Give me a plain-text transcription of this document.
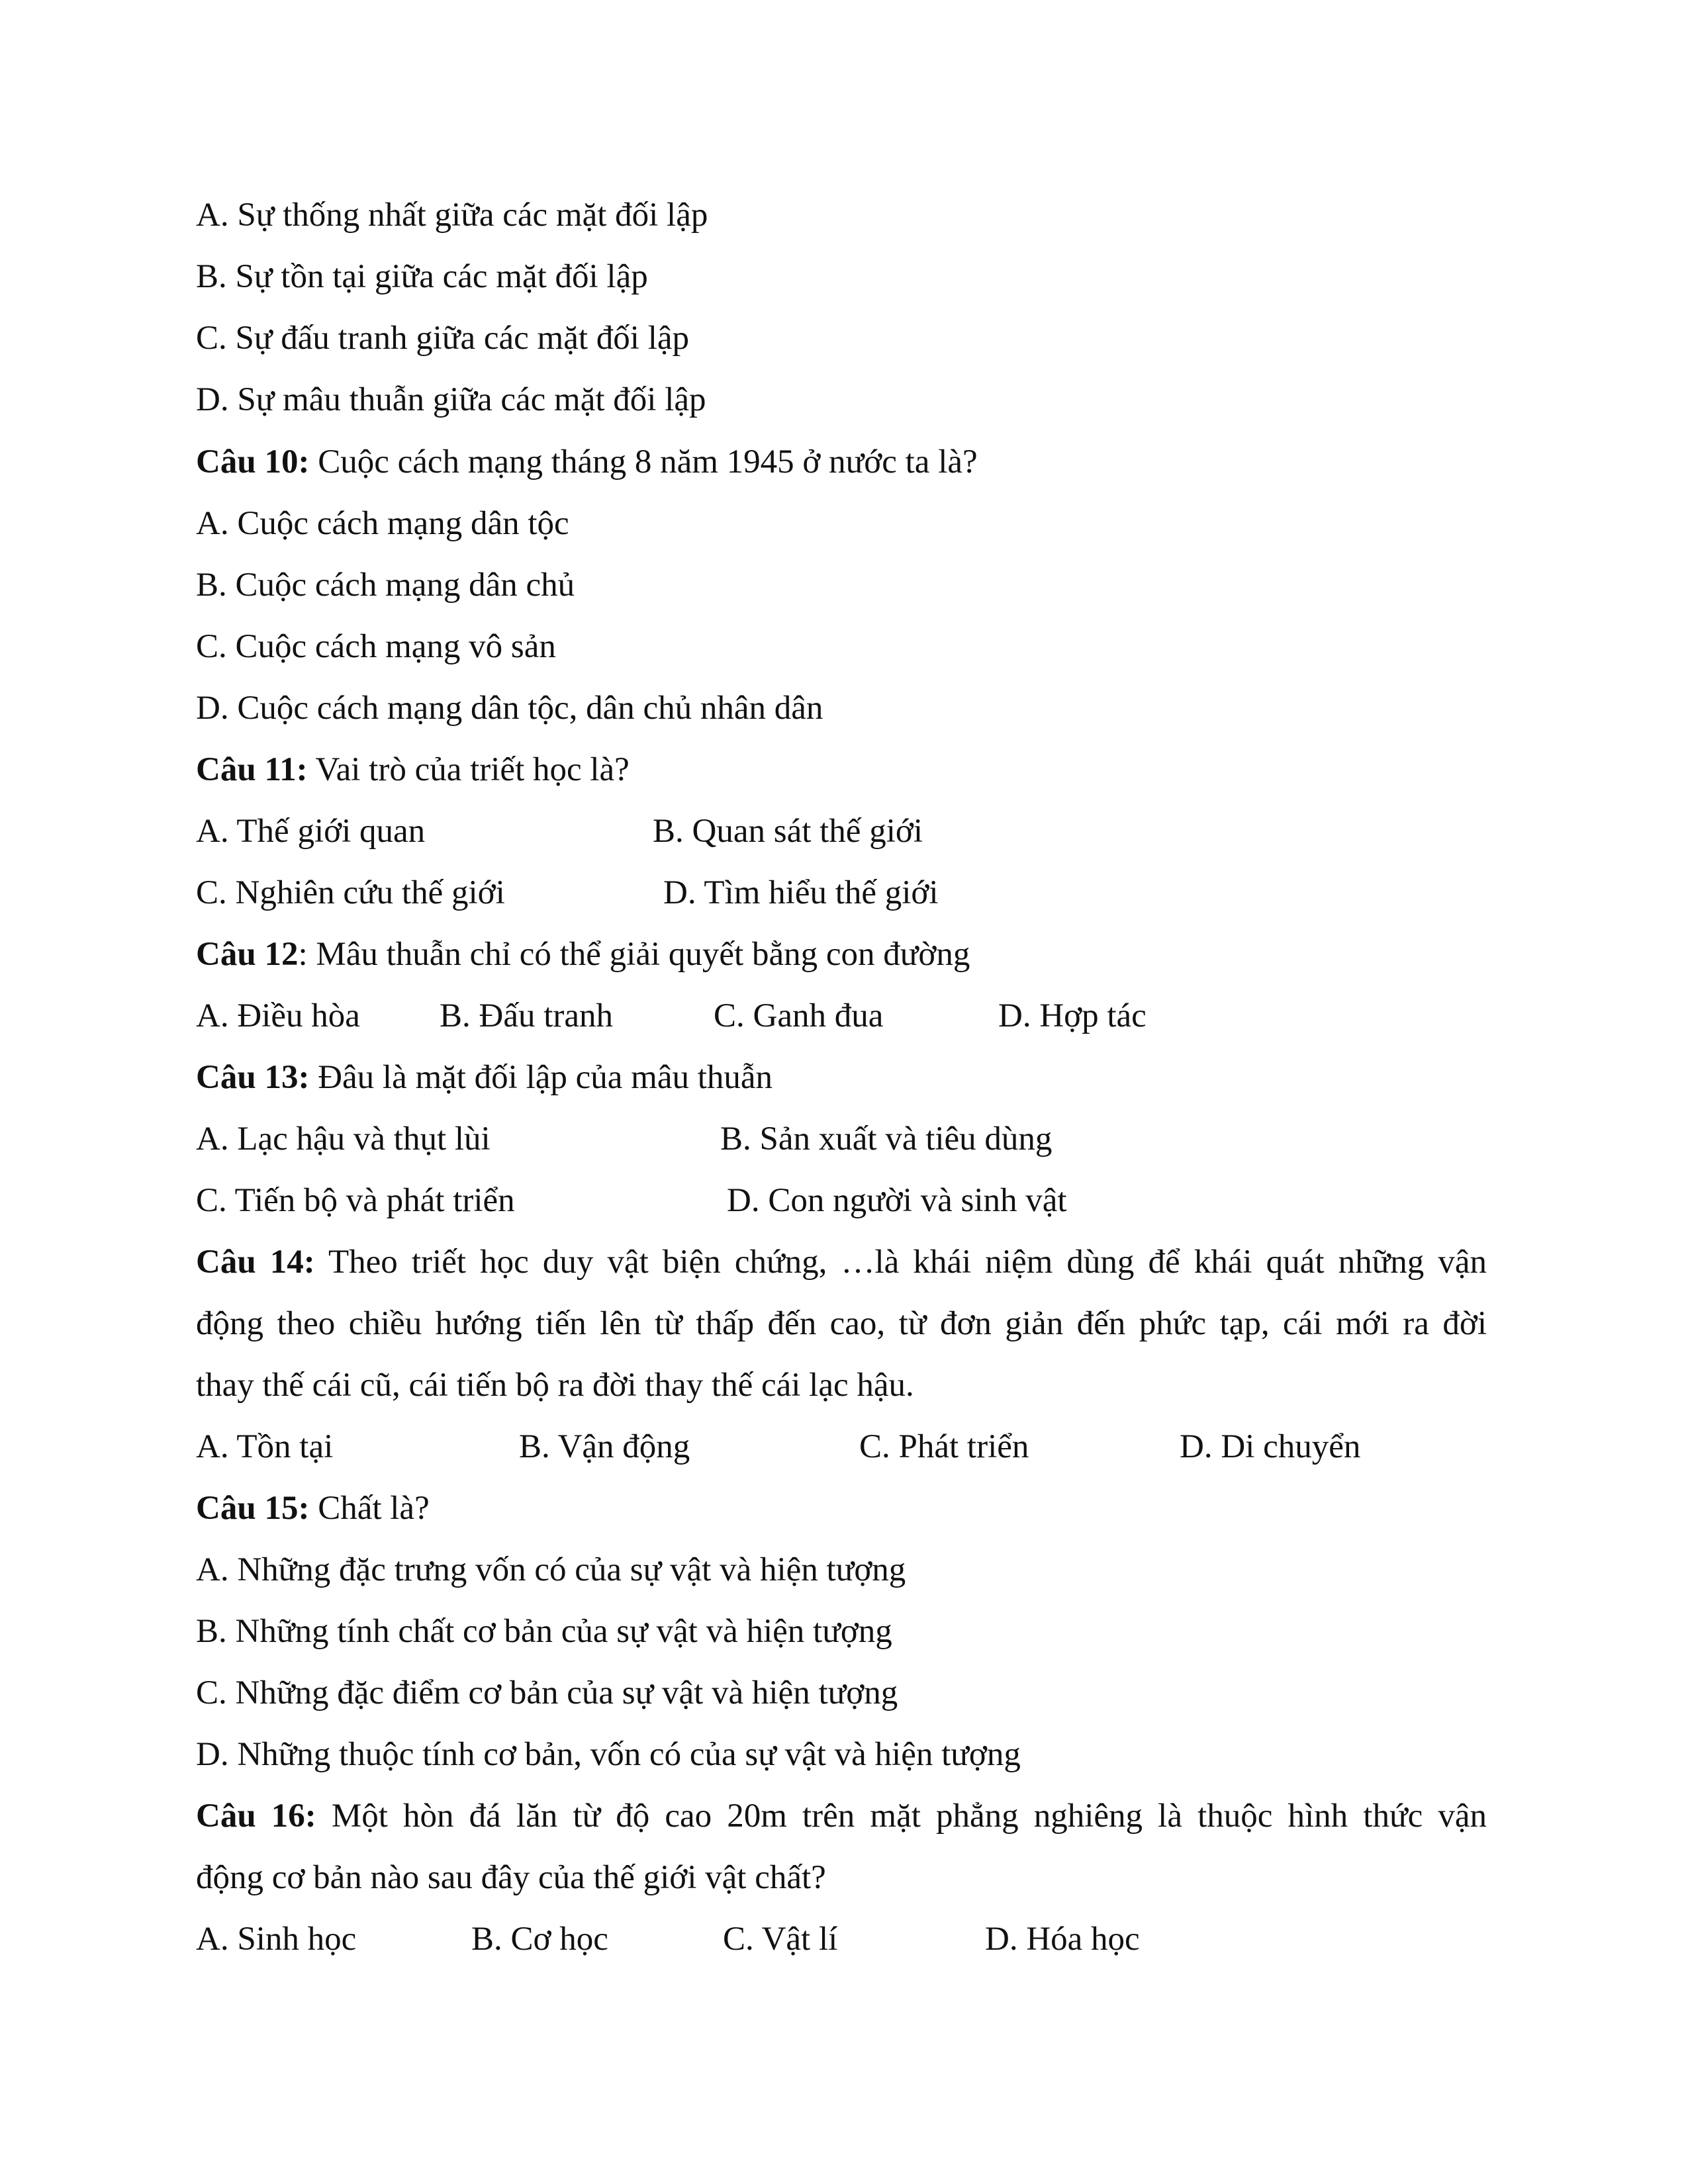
A. Sự thống nhất giữa các mặt đối lập
B. Sự tồn tại giữa các mặt đối lập
C. Sự đấu tranh giữa các mặt đối lập
D. Sự mâu thuẫn giữa các mặt đối lập
Câu 10: Cuộc cách mạng tháng 8 năm 1945 ở nước ta là?
A. Cuộc cách mạng dân tộc
B. Cuộc cách mạng dân chủ
C. Cuộc cách mạng vô sản
D. Cuộc cách mạng dân tộc, dân chủ nhân dân
Câu 11: Vai trò của triết học là?
A. Thế giới quan	B. Quan sát thế giới
C. Nghiên cứu thế giới	D. Tìm hiểu thế giới
Câu 12: Mâu thuẫn chỉ có thể giải quyết bằng con đường
A. Điều hòa B. Đấu tranh	C. Ganh đua	D. Hợp tác
Câu 13: Đâu là mặt đối lập của mâu thuẫn
A. Lạc hậu và thụt lùi	B. Sản xuất và tiêu dùng
C. Tiến bộ và phát triển	D. Con người và sinh vật
Câu 14: Theo triết học duy vật biện chứng, …là khái niệm dùng để khái quát những vận
động theo chiều hướng tiến lên từ thấp đến cao, từ đơn giản đến phức tạp, cái mới ra đời
thay thế cái cũ, cái tiến bộ ra đời thay thế cái lạc hậu.
A. Tồn tại	B. Vận động	C. Phát triển	D. Di chuyển
Câu 15: Chất là?
A. Những đặc trưng vốn có của sự vật và hiện tượng
B. Những tính chất cơ bản của sự vật và hiện tượng
C. Những đặc điểm cơ bản của sự vật và hiện tượng
D. Những thuộc tính cơ bản, vốn có của sự vật và hiện tượng
Câu 16: Một hòn đá lăn từ độ cao 20m trên mặt phẳng nghiêng là thuộc hình thức vận
động cơ bản nào sau đây của thế giới vật chất?
A. Sinh học	B. Cơ học	C. Vật lí	D. Hóa học
